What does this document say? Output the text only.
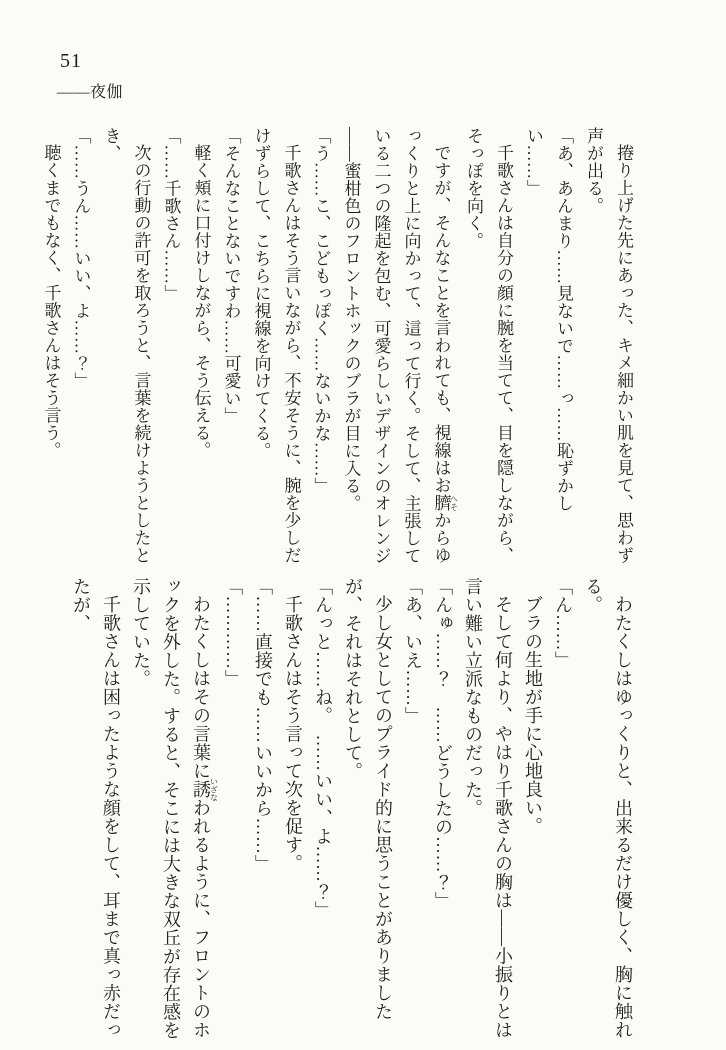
51
――夜伽

捲り上げた先にあった、キメ細かい肌を見て、思わず

声が出る。

「あ、あんまり……見ないで……っ……恥ずかしい……」

千歌さんは自分の顔に腕を当てて、目を隠しながら、

そっぽを向く。

ですが、そんなことを言われても、視線はお臍 へそからゆ

っくりと上に向かって、這って行く。そして、主張して

いる二つの隆起を包む、可愛らしいデザインのオレンジ

――蜜柑色のフロントホックのブラが目に入る。

「う……こ、こどもっぽく……ないかな……」

千歌さんはそう言いながら、不安そうに、腕を少しだ

けずらして、こちらに視線を向けてくる。

「そんなことないですわ……可愛い」

軽く頬に口付けしながら、そう伝える。

「……千歌さん……」

次の行動の許可を取ろうと、言葉を続けようとしたと

き、

「……うん……いい、よ……？」

聴くまでもなく、千歌さんはそう言う。

わたくしはゆっくりと、出来るだけ優しく、胸に触れ

る。

「ん……」

ブラの生地が手に心地良い。

そして何より、やはり千歌さんの胸は――小振りとは

言い難い立派なものだった。

「んゅ……？　……どうしたの……？」

「あ、いえ……」

少し女としてのプライド的に思うことがありました

が、それはそれとして。

「んっと……ね。　……いい、よ……？」

千歌さんはそう言って次を促す。

「……直接でも……いいから……」

「…………」

わたくしはその言葉に誘いざなわれるように、フロントのホ

ックを外した。すると、そこには大きな双丘が存在感を

示していた。

千歌さんは困ったような顔をして、耳まで真っ赤だっ

たが、
